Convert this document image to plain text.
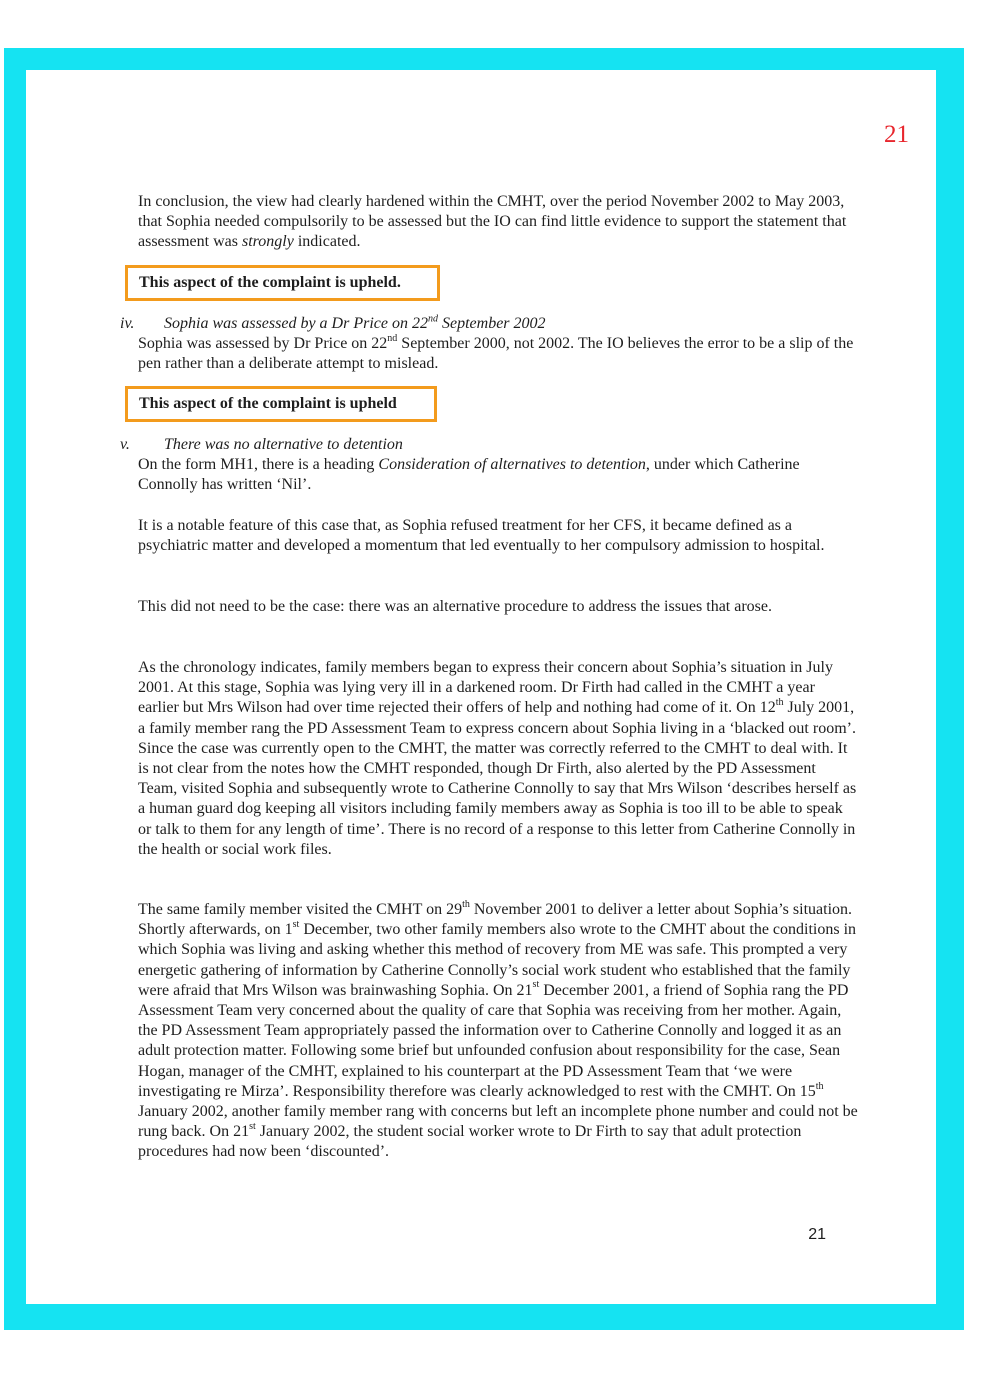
21

In conclusion, the view had clearly hardened within the CMHT, over the period November 2002 to May 2003, that Sophia needed compulsorily to be assessed but the IO can find little evidence to support the statement that assessment was strongly indicated.

This aspect of the complaint is upheld.
iv. Sophia was assessed by a Dr Price on 22nd September 2002

Sophia was assessed by Dr Price on 22nd September 2000, not 2002. The IO believes the error to be a slip of the pen rather than a deliberate attempt to mislead.

This aspect of the complaint is upheld
v. There was no alternative to detention

On the form MH1, there is a heading Consideration of alternatives to detention, under which Catherine Connolly has written ‘Nil’.

It is a notable feature of this case that, as Sophia refused treatment for her CFS, it became defined as a psychiatric matter and developed a momentum that led eventually to her compulsory admission to hospital.

This did not need to be the case: there was an alternative procedure to address the issues that arose.

As the chronology indicates, family members began to express their concern about Sophia’s situation in July 2001. At this stage, Sophia was lying very ill in a darkened room. Dr Firth had called in the CMHT a year earlier but Mrs Wilson had over time rejected their offers of help and nothing had come of it. On 12th July 2001, a family member rang the PD Assessment Team to express concern about Sophia living in a ‘blacked out room’. Since the case was currently open to the CMHT, the matter was correctly referred to the CMHT to deal with. It is not clear from the notes how the CMHT responded, though Dr Firth, also alerted by the PD Assessment Team, visited Sophia and subsequently wrote to Catherine Connolly to say that Mrs Wilson ‘describes herself as a human guard dog keeping all visitors including family members away as Sophia is too ill to be able to speak or talk to them for any length of time’. There is no record of a response to this letter from Catherine Connolly in the health or social work files.

The same family member visited the CMHT on 29th November 2001 to deliver a letter about Sophia’s situation. Shortly afterwards, on 1st December, two other family members also wrote to the CMHT about the conditions in which Sophia was living and asking whether this method of recovery from ME was safe. This prompted a very energetic gathering of information by Catherine Connolly’s social work student who established that the family were afraid that Mrs Wilson was brainwashing Sophia. On 21st December 2001, a friend of Sophia rang the PD Assessment Team very concerned about the quality of care that Sophia was receiving from her mother. Again, the PD Assessment Team appropriately passed the information over to Catherine Connolly and logged it as an adult protection matter. Following some brief but unfounded confusion about responsibility for the case, Sean Hogan, manager of the CMHT, explained to his counterpart at the PD Assessment Team that ‘we were investigating re Mirza’. Responsibility therefore was clearly acknowledged to rest with the CMHT. On 15th January 2002, another family member rang with concerns but left an incomplete phone number and could not be rung back. On 21st January 2002, the student social worker wrote to Dr Firth to say that adult protection procedures had now been ‘discounted’.

21
